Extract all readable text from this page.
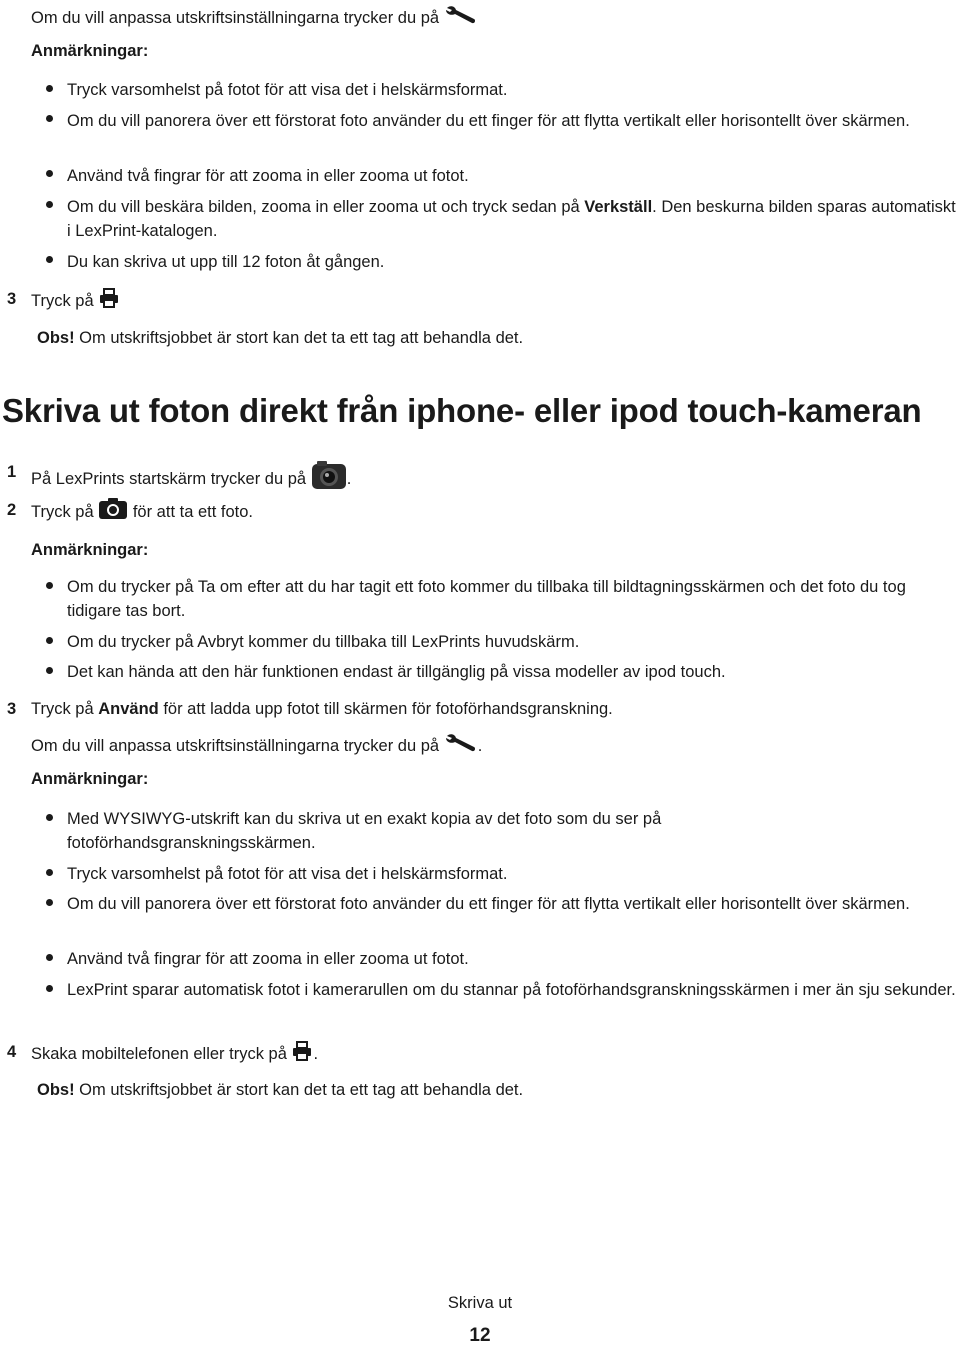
Om du vill anpassa utskriftsinställningarna trycker du på
Anmärkningar:
Tryck varsomhelst på fotot för att visa det i helskärmsformat.
Om du vill panorera över ett förstorat foto använder du ett finger för att flytta vertikalt eller horisontellt över skärmen.
Använd två fingrar för att zooma in eller zooma ut fotot.
Om du vill beskära bilden, zooma in eller zooma ut och tryck sedan på Verkställ. Den beskurna bilden sparas automatiskt i LexPrint-katalogen.
Du kan skriva ut upp till 12 foton åt gången.
3 Tryck på
Obs! Om utskriftsjobbet är stort kan det ta ett tag att behandla det.
Skriva ut foton direkt från iphone- eller ipod touch-kameran
1 På LexPrints startskärm trycker du på .
2 Tryck på för att ta ett foto.
Anmärkningar:
Om du trycker på Ta om efter att du har tagit ett foto kommer du tillbaka till bildtagningsskärmen och det foto du tog tidigare tas bort.
Om du trycker på Avbryt kommer du tillbaka till LexPrints huvudskärm.
Det kan hända att den här funktionen endast är tillgänglig på vissa modeller av ipod touch.
3 Tryck på Använd för att ladda upp fotot till skärmen för fotoförhandsgranskning.
Om du vill anpassa utskriftsinställningarna trycker du på .
Anmärkningar:
Med WYSIWYG-utskrift kan du skriva ut en exakt kopia av det foto som du ser på fotoförhandsgranskningsskärmen.
Tryck varsomhelst på fotot för att visa det i helskärmsformat.
Om du vill panorera över ett förstorat foto använder du ett finger för att flytta vertikalt eller horisontellt över skärmen.
Använd två fingrar för att zooma in eller zooma ut fotot.
LexPrint sparar automatisk fotot i kamerarullen om du stannar på fotoförhandsgranskningsskärmen i mer än sju sekunder.
4 Skaka mobiltelefonen eller tryck på .
Obs! Om utskriftsjobbet är stort kan det ta ett tag att behandla det.
Skriva ut
12
